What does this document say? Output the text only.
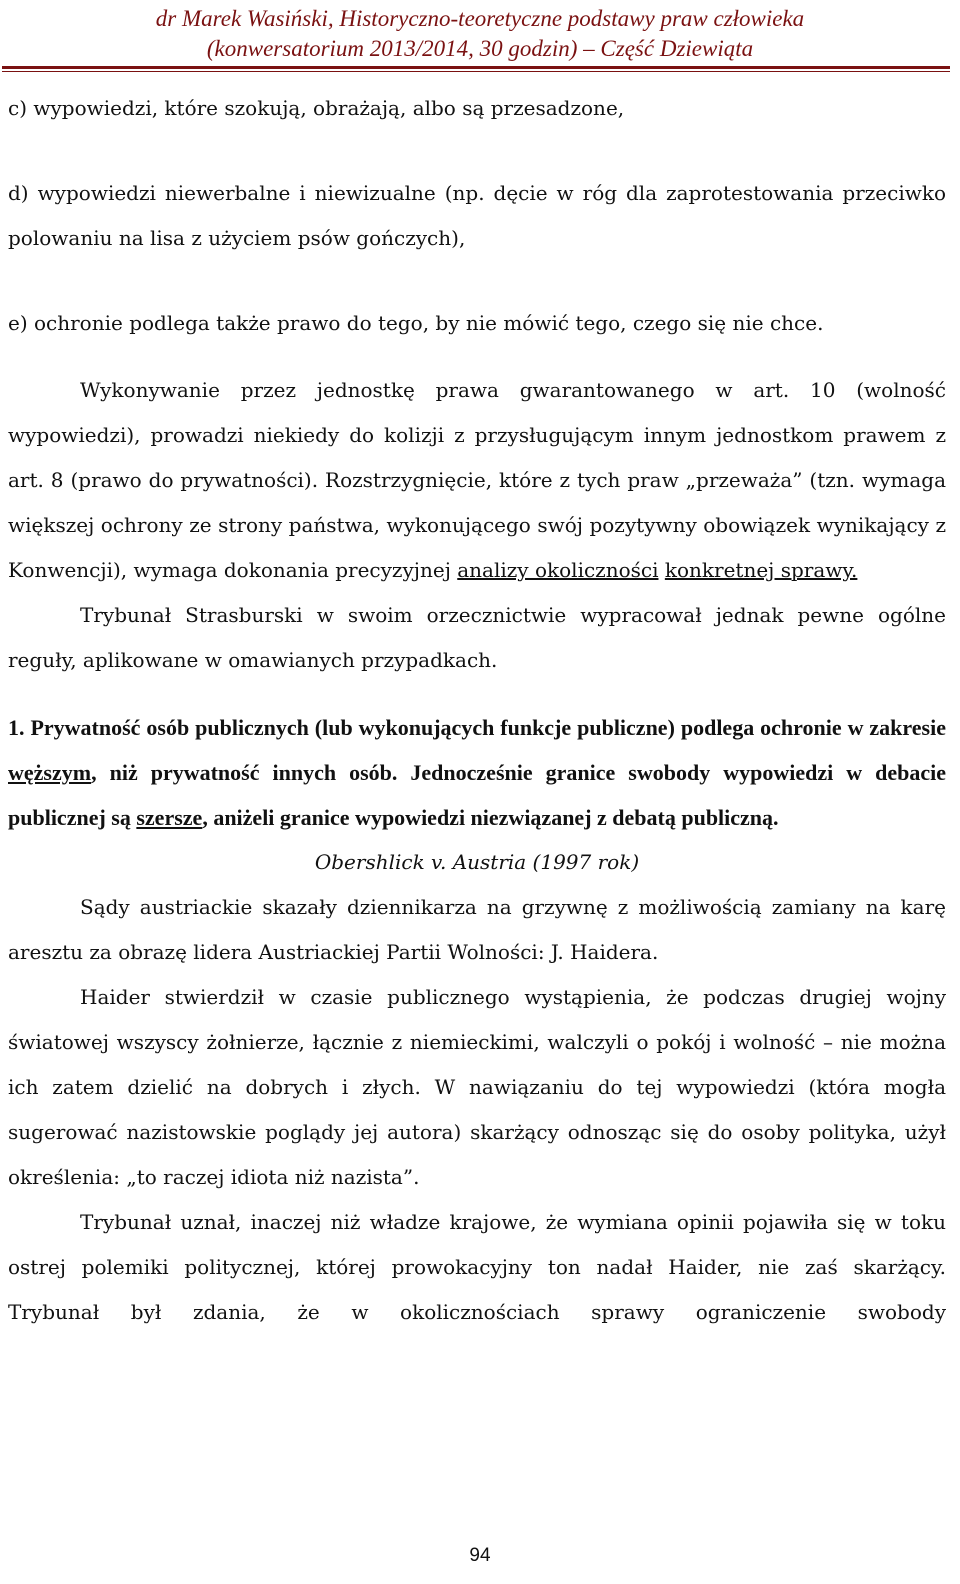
dr Marek Wasiński, Historyczno-teoretyczne podstawy praw człowieka
(konwersatorium 2013/2014, 30 godzin) – Część Dziewiąta

c) wypowiedzi, które szokują, obrażają, albo są przesadzone,

d) wypowiedzi niewerbalne i niewizualne (np. dęcie w róg dla zaprotestowania przeciwko polowaniu na lisa z użyciem psów gończych),

e) ochronie podlega także prawo do tego, by nie mówić tego, czego się nie chce.

Wykonywanie przez jednostkę prawa gwarantowanego w art. 10 (wolność wypowiedzi), prowadzi niekiedy do kolizji z przysługującym innym jednostkom prawem z art. 8 (prawo do prywatności). Rozstrzygnięcie, które z tych praw „przeważa” (tzn. wymaga większej ochrony ze strony państwa, wykonującego swój pozytywny obowiązek wynikający z Konwencji), wymaga dokonania precyzyjnej analizy okoliczności konkretnej sprawy.

Trybunał Strasburski w swoim orzecznictwie wypracował jednak pewne ogólne reguły, aplikowane w omawianych przypadkach.

1. Prywatność osób publicznych (lub wykonujących funkcje publiczne) podlega ochronie w zakresie węższym, niż prywatność innych osób. Jednocześnie granice swobody wypowiedzi w debacie publicznej są szersze, aniżeli granice wypowiedzi niezwiązanej z debatą publiczną.

Obershlick v. Austria (1997 rok)

Sądy austriackie skazały dziennikarza na grzywnę z możliwością zamiany na karę aresztu za obrazę lidera Austriackiej Partii Wolności: J. Haidera.

Haider stwierdził w czasie publicznego wystąpienia, że podczas drugiej wojny światowej wszyscy żołnierze, łącznie z niemieckimi, walczyli o pokój i wolność – nie można ich zatem dzielić na dobrych i złych. W nawiązaniu do tej wypowiedzi (która mogła sugerować nazistowskie poglądy jej autora) skarżący odnosząc się do osoby polityka, użył określenia: „to raczej idiota niż nazista”.

Trybunał uznał, inaczej niż władze krajowe, że wymiana opinii pojawiła się w toku ostrej polemiki politycznej, której prowokacyjny ton nadał Haider, nie zaś skarżący. Trybunał był zdania, że w okolicznościach sprawy ograniczenie swobody

94
